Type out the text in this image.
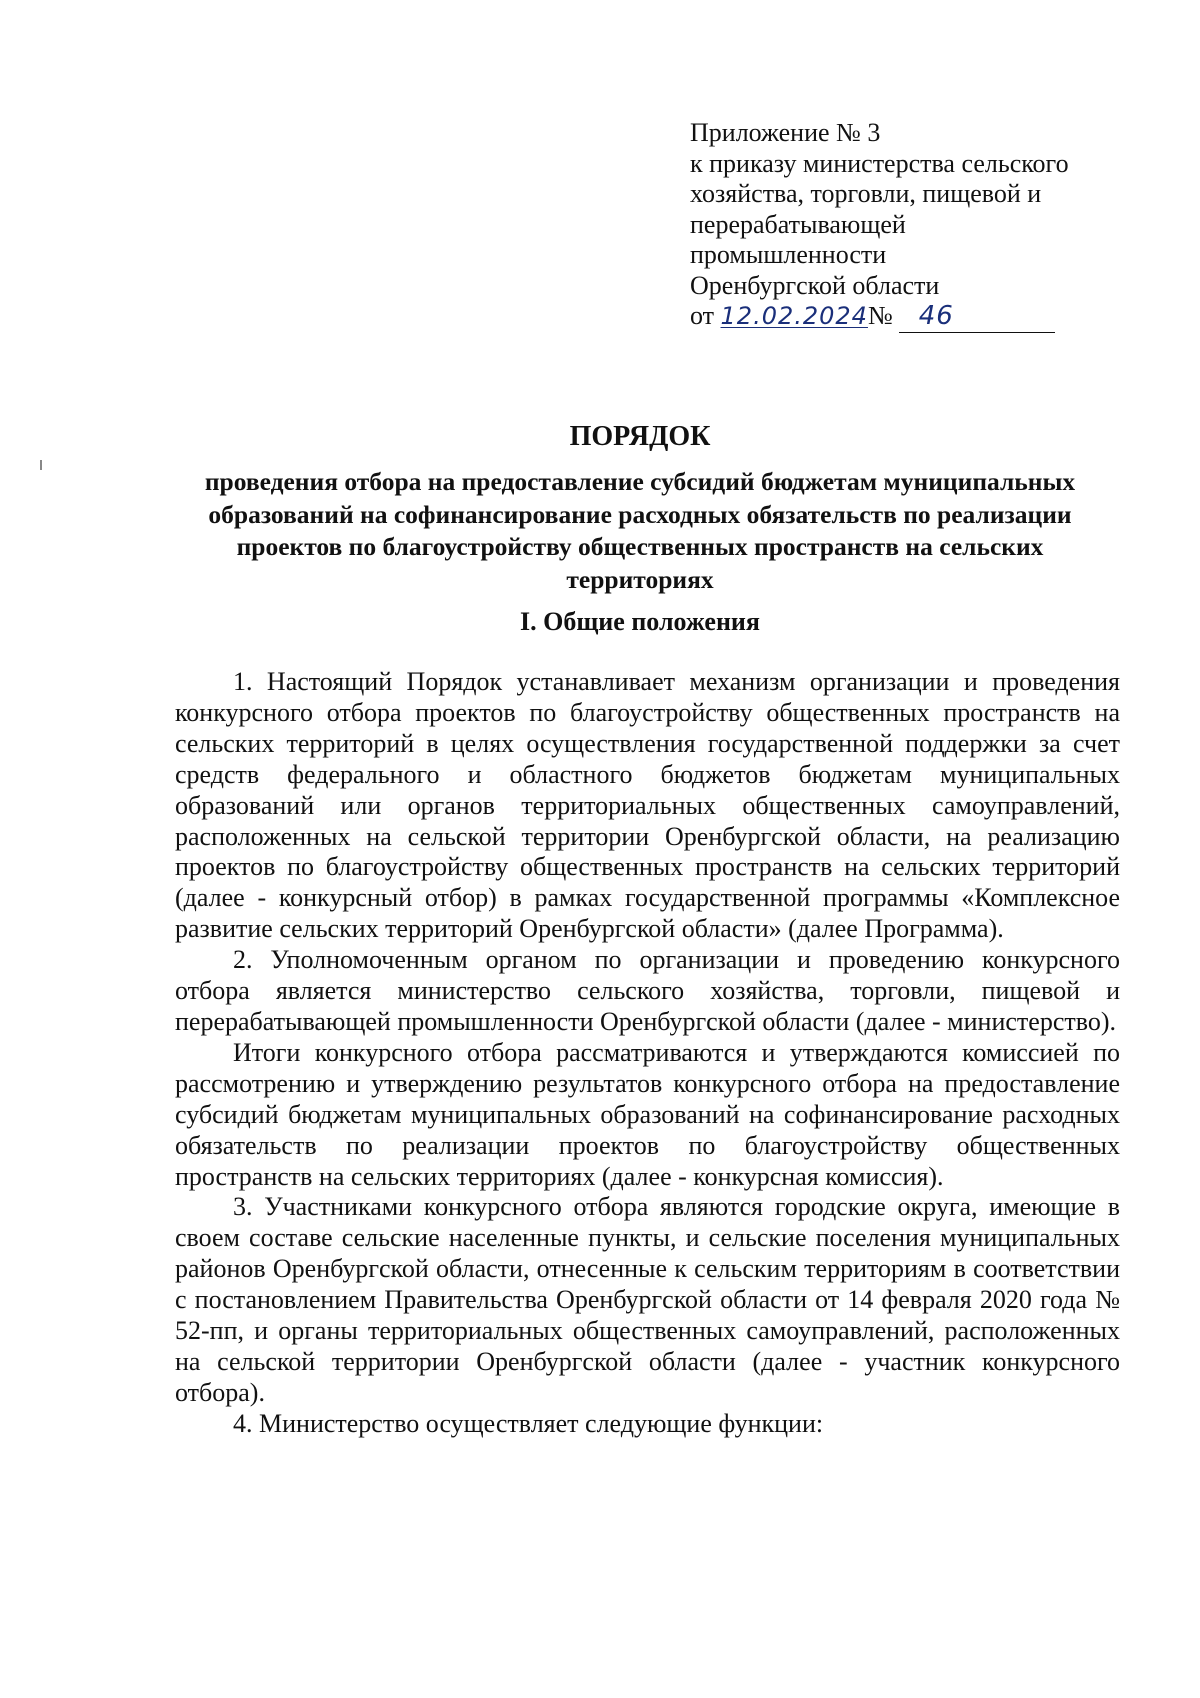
Приложение № 3
к приказу министерства сельского
хозяйства, торговли, пищевой и
перерабатывающей
промышленности
Оренбургской области
от
12.02.2024 №	46
ПОРЯДОК
проведения отбора на предоставление субсидий бюджетам муниципальных образований на софинансирование расходных обязательств по реализации проектов по благоустройству общественных пространств на сельских территориях
I. Общие положения

1. Настоящий Порядок устанавливает механизм организации и проведения конкурсного отбора проектов по благоустройству общественных пространств на сельских территорий в целях осуществления государственной поддержки за счет средств федерального и областного бюджетов бюджетам муниципальных образований или органов территориальных общественных самоуправлений, расположенных на сельской территории Оренбургской области, на реализацию проектов по благоустройству общественных пространств на сельских территорий (далее - конкурсный отбор) в рамках государственной программы «Комплексное развитие сельских территорий Оренбургской области» (далее Программа).

2. Уполномоченным органом по организации и проведению конкурсного отбора является министерство сельского хозяйства, торговли, пищевой и перерабатывающей промышленности Оренбургской области (далее - министерство).

Итоги конкурсного отбора рассматриваются и утверждаются комиссией по рассмотрению и утверждению результатов конкурсного отбора на предоставление субсидий бюджетам муниципальных образований на софинансирование расходных обязательств по реализации проектов по благоустройству общественных пространств на сельских территориях (далее - конкурсная комиссия).

3. Участниками конкурсного отбора являются городские округа, имеющие в своем составе сельские населенные пункты, и сельские поселения муниципальных районов Оренбургской области, отнесенные к сельским территориям в соответствии с постановлением Правительства Оренбургской области от 14 февраля 2020 года № 52-пп, и органы территориальных общественных самоуправлений, расположенных на сельской территории Оренбургской области (далее - участник конкурсного отбора).

4. Министерство осуществляет следующие функции:
